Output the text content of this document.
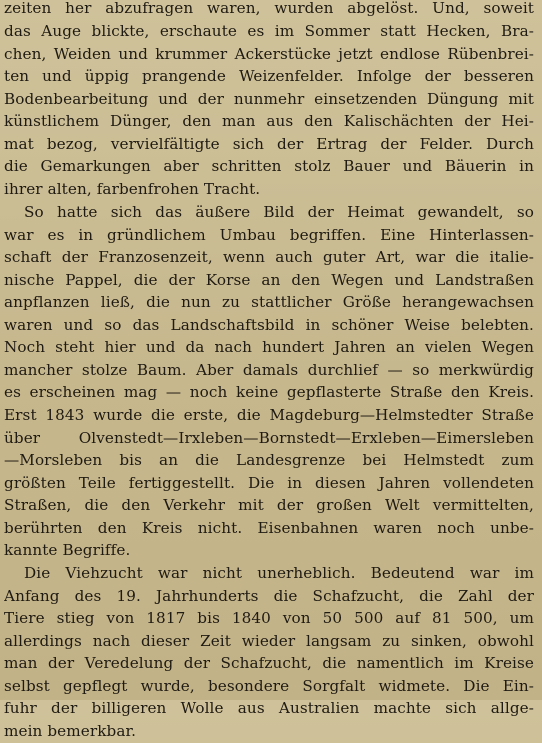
zeiten her abzufragen waren, wurden abgelöst. Und, soweit
das Auge blickte, erschaute es im Sommer statt Hecken, Bra-
chen, Weiden und krummer Ackerstücke jetzt endlose Rübenbrei-
ten und üppig prangende Weizenfelder. Infolge der besseren
Bodenbearbeitung und der nunmehr einsetzenden Düngung mit
künstlichem Dünger, den man aus den Kalischächten der Hei-
mat bezog, vervielfältigte sich der Ertrag der Felder. Durch
die Gemarkungen aber schritten stolz Bauer und Bäuerin in
ihrer alten, farbenfrohen Tracht.
So hatte sich das äußere Bild der Heimat gewandelt, so
war es in gründlichem Umbau begriffen. Eine Hinterlassen-
schaft der Franzosenzeit, wenn auch guter Art, war die italie-
nische Pappel, die der Korse an den Wegen und Landstraßen
anpflanzen ließ, die nun zu stattlicher Größe herangewachsen
waren und so das Landschaftsbild in schöner Weise belebten.
Noch steht hier und da nach hundert Jahren an vielen Wegen
mancher stolze Baum. Aber damals durchlief — so merkwürdig
es erscheinen mag — noch keine gepflasterte Straße den Kreis.
Erst 1843 wurde die erste, die Magdeburg—Helmstedter Straße
über Olvenstedt—Irxleben—Bornstedt—Erxleben—Eimersleben
—Morsleben bis an die Landesgrenze bei Helmstedt zum
größten Teile fertiggestellt. Die in diesen Jahren vollendeten
Straßen, die den Verkehr mit der großen Welt vermittelten,
berührten den Kreis nicht. Eisenbahnen waren noch unbe-
kannte Begriffe.
Die Viehzucht war nicht unerheblich. Bedeutend war im
Anfang des 19. Jahrhunderts die Schafzucht, die Zahl der
Tiere stieg von 1817 bis 1840 von 50 500 auf 81 500, um
allerdings nach dieser Zeit wieder langsam zu sinken, obwohl
man der Veredelung der Schafzucht, die namentlich im Kreise
selbst gepflegt wurde, besondere Sorgfalt widmete. Die Ein-
fuhr der billigeren Wolle aus Australien machte sich allge-
mein bemerkbar.
